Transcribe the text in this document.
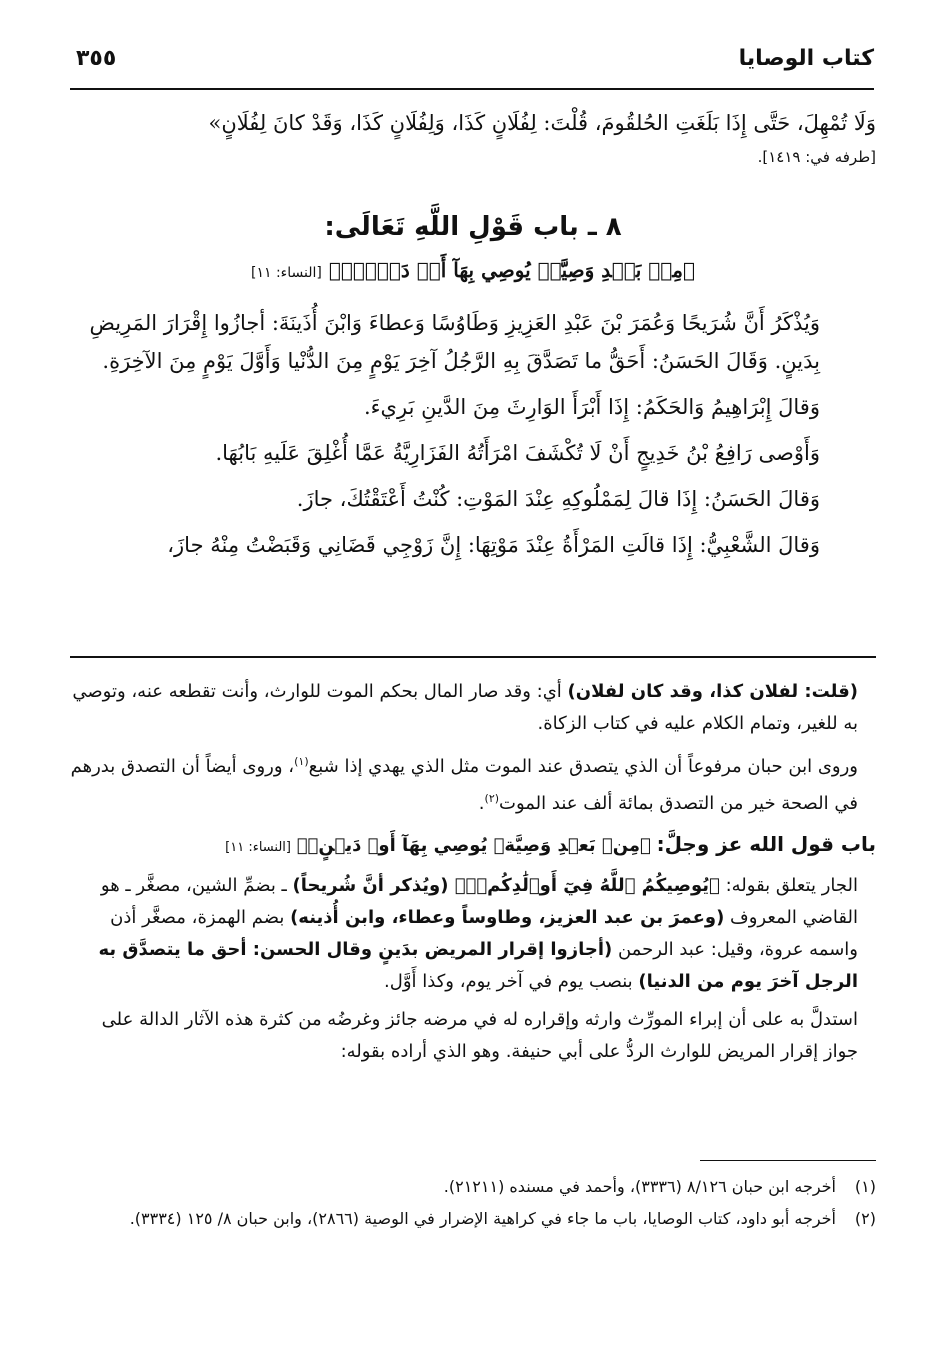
كتاب الوصايا
٣٥٥

وَلَا تُمْهِلَ، حَتَّى إِذَا بَلَغَتِ الحُلقُومَ، قُلْتَ: لِفُلَانٍ كَذَا، وَلِفُلَانٍ كَذَا، وَقَدْ كانَ لِفُلَانٍ»

[طرفه في: ١٤١٩].

٨ ـ باب قَوْلِ اللَّهِ تَعَالَى:
﴿مِنۢ بَعۡدِ وَصِيَّةٖ يُوصِي بِهَآ أَوۡ دَيۡنٍۗ﴾ [النساء: ١١]

وَيُذْكَرُ أَنَّ شُرَيحًا وَعُمَرَ بْنَ عَبْدِ العَزِيزِ وَطَاوُسًا وَعطاءَ وَابْنَ أُذَينَةَ: أجازُوا إِقْرَارَ المَرِيضِ بِدَينٍ. وَقَالَ الحَسَنُ: أَحَقُّ ما تَصَدَّقَ بِهِ الرَّجُلُ آخِرَ يَوْمٍ مِنَ الدُّنْيا وَأَوَّلَ يَوْمٍ مِنَ الآخِرَةِ.

وَقالَ إِبْرَاهِيمُ وَالحَكَمُ: إِذَا أَبْرَأَ الوَارِثَ مِنَ الدَّينِ بَرِيءَ.

وَأَوْصى رَافِعُ بْنُ خَدِيجٍ أَنْ لَا تُكْشَفَ امْرَأَتُهُ الفَزَارِيَّةُ عَمَّا أُغْلِقَ عَلَيهِ بَابُهَا.

وَقالَ الحَسَنُ: إِذَا قالَ لِمَمْلُوكِهِ عِنْدَ المَوْتِ: كُنْتُ أَعْتَقْتُكَ، جازَ.

وَقالَ الشَّعْبِيُّ: إِذَا قالَتِ المَرْأَةُ عِنْدَ مَوْتِهَا: إِنَّ زَوْجِي قَضَانِي وَقَبَضْتُ مِنْهُ جازَ،

(قلت: لفلان كذا، وقد كان لفلان) أي: وقد صار المال بحكم الموت للوارث، وأنت تقطعه عنه، وتوصي به للغير، وتمام الكلام عليه في كتاب الزكاة.

وروى ابن حبان مرفوعاً أن الذي يتصدق عند الموت مثل الذي يهدي إذا شبع$^{(١)}$، وروى أيضاً أن التصدق بدرهم في الصحة خير من التصدق بمائة ألف عند الموت$^{(٢)}$.

باب قول الله عز وجلَّ: ﴿مِنۢ بَعۡدِ وَصِيَّةٖ يُوصِي بِهَآ أَوۡ دَيۡنٍۗ﴾ [النساء: ١١]

الجار يتعلق بقوله: ﴿يُوصِيكُمُ ٱللَّهُ فِيٓ أَوۡلَٰدِكُمۡۖ﴾ (ويُذكر أنَّ شُريحاً) ـ بضمِّ الشين، مصغَّر ـ هو القاضي المعروف (وعمرَ بن عبد العزيز، وطاوساً وعطاء، وابن أُذينه) بضم الهمزة، مصغَّر أذن واسمه عروة، وقيل: عبد الرحمن (أجازوا إقرار المريض بدَينٍ وقال الحسن: أحق ما يتصدَّق به الرجل آخرَ يوم من الدنيا) بنصب يوم في آخر يوم، وكذا أَوَّل.

استدلَّ به على أن إبراء المورِّث وارثه وإقراره له في مرضه جائز وغرضُه من كثرة هذه الآثار الدالة على جواز إقرار المريض للوارث الردُّ على أبي حنيفة. وهو الذي أراده بقوله:

(١)أخرجه ابن حبان ٨/١٢٦ (٣٣٣٦)، وأحمد في مسنده (٢١٢١١).

(٢)أخرجه أبو داود، كتاب الوصايا، باب ما جاء في كراهية الإضرار في الوصية (٢٨٦٦)، وابن حبان ٨/ ١٢٥ (٣٣٣٤).
